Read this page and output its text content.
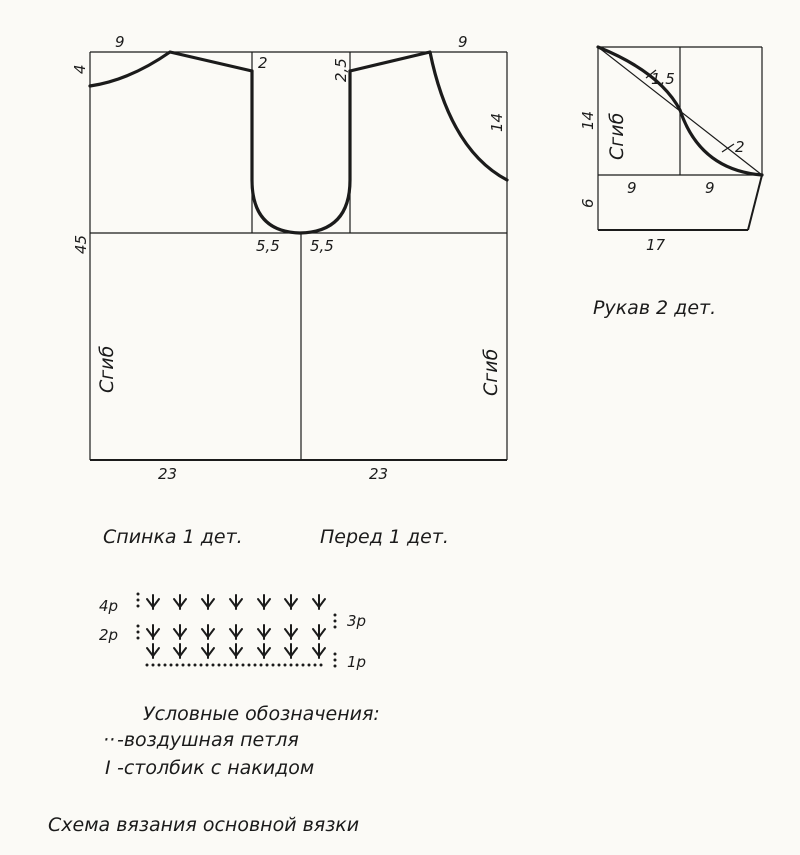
9	9
4	2	2,5
14
45	5,5 5,5
Сгиб	Сгиб
23	23
1,5
2
Сгиб
14
9	9
6
17
Рукав 2 дет.
Спинка 1 дет.	Перед 1 дет.
4р
2р
3р
1р
Условные обозначения:
·· -воздушная петля
I -столбик с накидом
Схема вязания основной вязки
